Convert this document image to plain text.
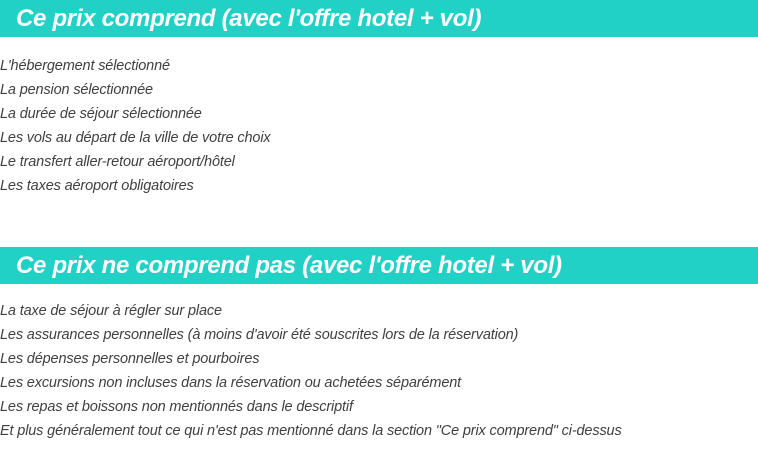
Ce prix comprend (avec l'offre hotel + vol)
L'hébergement sélectionné
La pension sélectionnée
La durée de séjour sélectionnée
Les vols au départ de la ville de votre choix
Le transfert aller-retour aéroport/hôtel
Les taxes aéroport obligatoires
Ce prix ne comprend pas (avec l'offre hotel + vol)
La taxe de séjour à régler sur place
Les assurances personnelles (à moins d'avoir été souscrites lors de la réservation)
Les dépenses personnelles et pourboires
Les excursions non incluses dans la réservation ou achetées séparément
Les repas et boissons non mentionnés dans le descriptif
Et plus généralement tout ce qui n'est pas mentionné dans la section "Ce prix comprend" ci-dessus
